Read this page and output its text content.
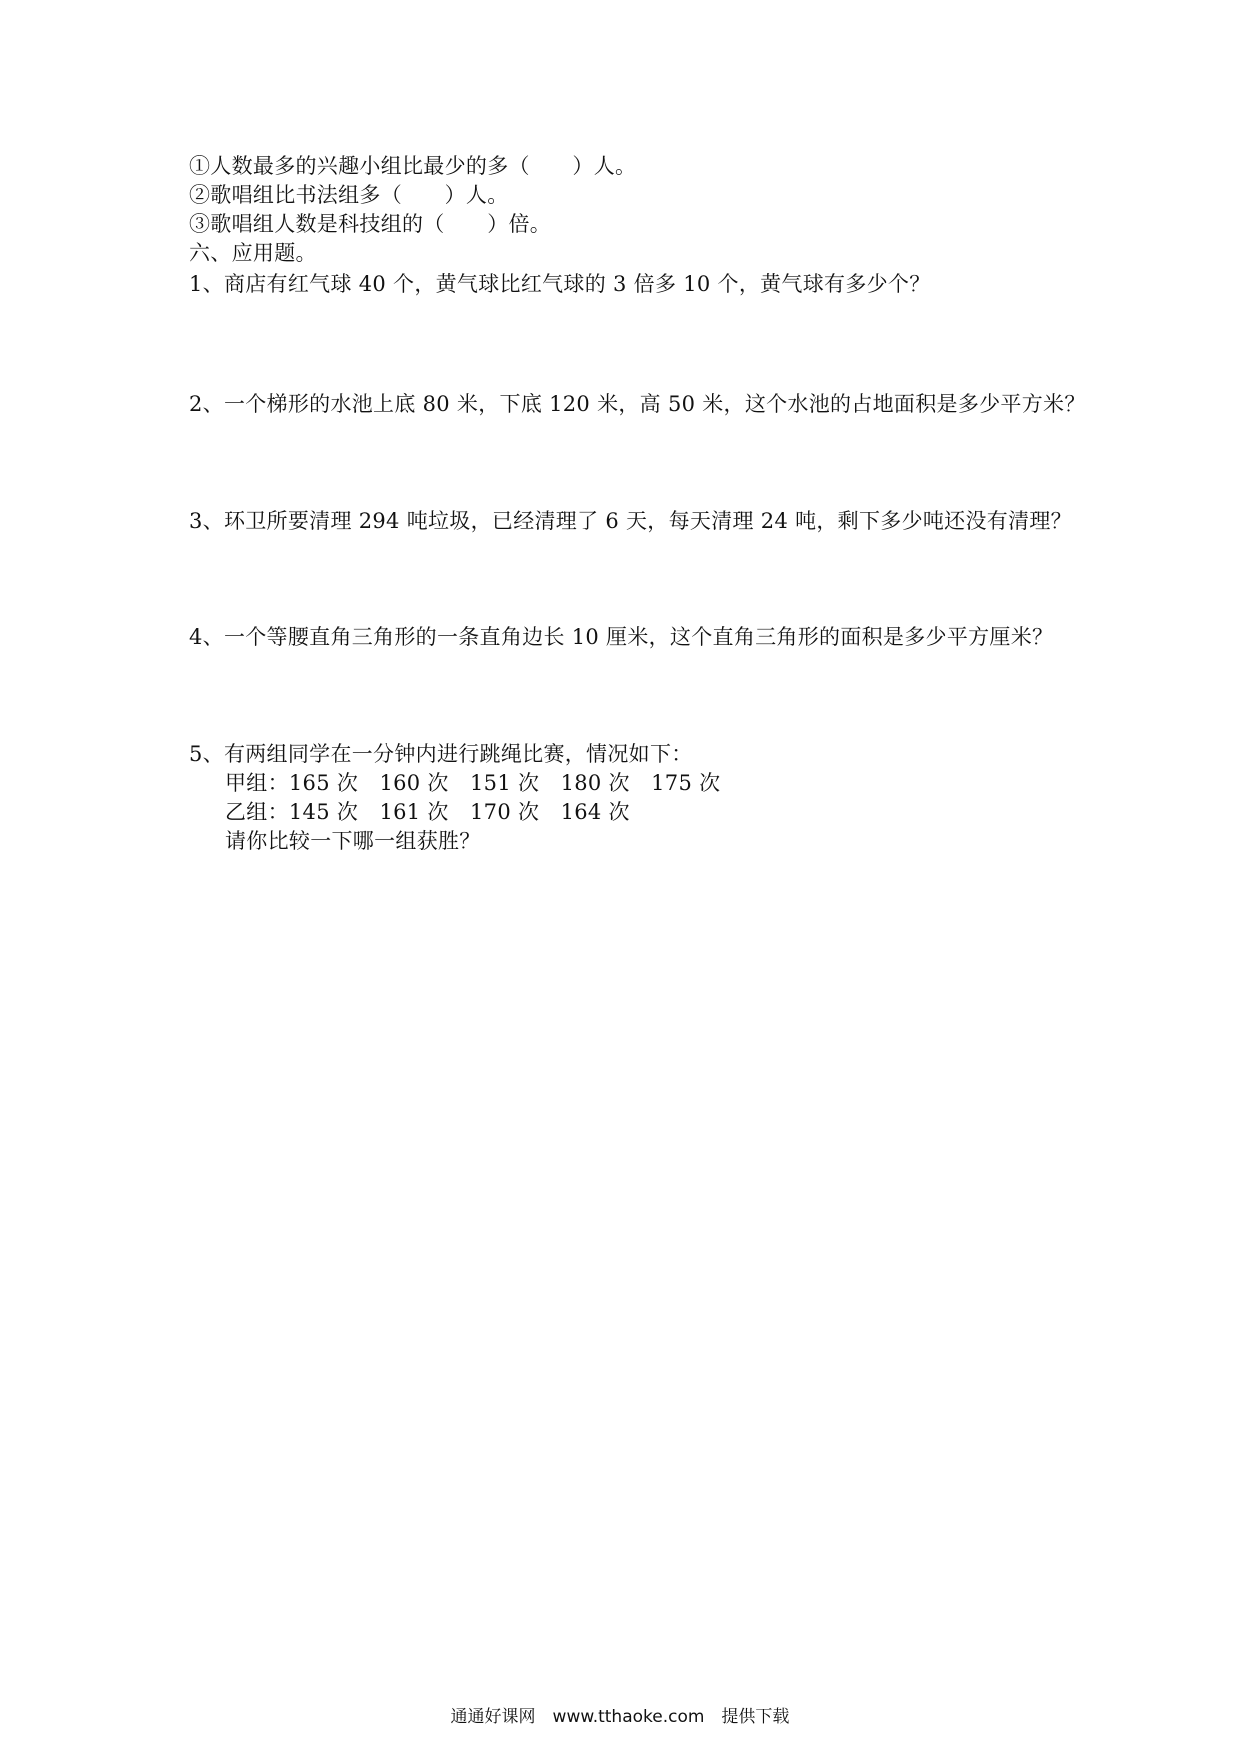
①人数最多的兴趣小组比最少的多（　　）人。
②歌唱组比书法组多（　　）人。
③歌唱组人数是科技组的（　　）倍。
六、应用题。
1、商店有红气球 40 个，黄气球比红气球的 3 倍多 10 个，黄气球有多少个？
2、一个梯形的水池上底 80 米，下底 120 米，高 50 米，这个水池的占地面积是多少平方米？
3、环卫所要清理 294 吨垃圾，已经清理了 6 天，每天清理 24 吨，剩下多少吨还没有清理？
4、一个等腰直角三角形的一条直角边长 10 厘米，这个直角三角形的面积是多少平方厘米？
5、有两组同学在一分钟内进行跳绳比赛，情况如下：
甲组：165 次　160 次　151 次　180 次　175 次
乙组：145 次　161 次　170 次　164 次
请你比较一下哪一组获胜？
通通好课网　www.tthaoke.com　提供下载
